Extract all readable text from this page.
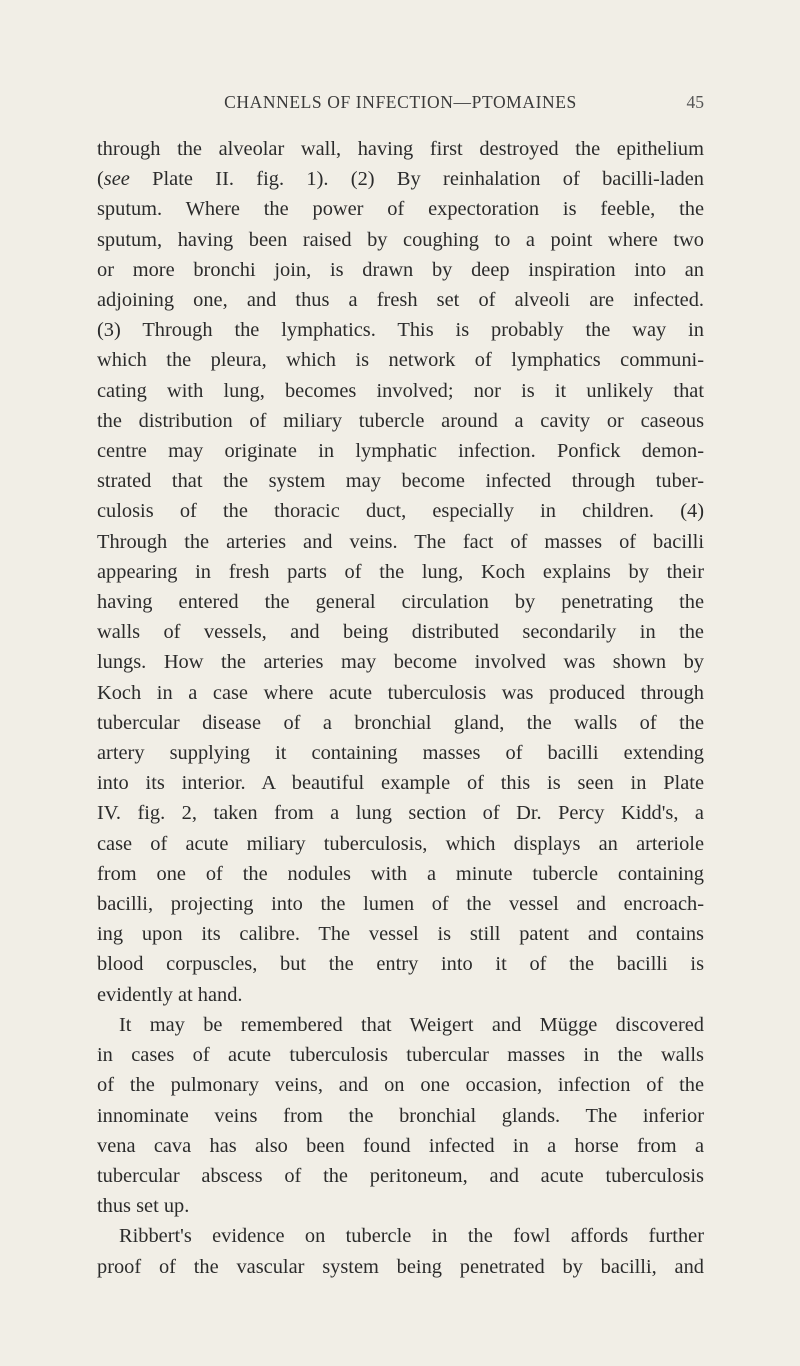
CHANNELS OF INFECTION—PTOMAINES	45

through the alveolar wall, having first destroyed the epithelium
(see Plate II. fig. 1). (2) By reinhalation of bacilli-laden
sputum. Where the power of expectoration is feeble, the
sputum, having been raised by coughing to a point where two
or more bronchi join, is drawn by deep inspiration into an
adjoining one, and thus a fresh set of alveoli are infected.
(3) Through the lymphatics. This is probably the way in
which the pleura, which is network of lymphatics communi-
cating with lung, becomes involved; nor is it unlikely that
the distribution of miliary tubercle around a cavity or caseous
centre may originate in lymphatic infection. Ponfick demon-
strated that the system may become infected through tuber-
culosis of the thoracic duct, especially in children. (4)
Through the arteries and veins. The fact of masses of bacilli
appearing in fresh parts of the lung, Koch explains by their
having entered the general circulation by penetrating the
walls of vessels, and being distributed secondarily in the
lungs. How the arteries may become involved was shown by
Koch in a case where acute tuberculosis was produced through
tubercular disease of a bronchial gland, the walls of the
artery supplying it containing masses of bacilli extending
into its interior. A beautiful example of this is seen in Plate
IV. fig. 2, taken from a lung section of Dr. Percy Kidd's, a
case of acute miliary tuberculosis, which displays an arteriole
from one of the nodules with a minute tubercle containing
bacilli, projecting into the lumen of the vessel and encroach-
ing upon its calibre. The vessel is still patent and contains
blood corpuscles, but the entry into it of the bacilli is
evidently at hand.

It may be remembered that Weigert and Mügge discovered
in cases of acute tuberculosis tubercular masses in the walls
of the pulmonary veins, and on one occasion, infection of the
innominate veins from the bronchial glands. The inferior
vena cava has also been found infected in a horse from a
tubercular abscess of the peritoneum, and acute tuberculosis
thus set up.

Ribbert's evidence on tubercle in the fowl affords further
proof of the vascular system being penetrated by bacilli, and
